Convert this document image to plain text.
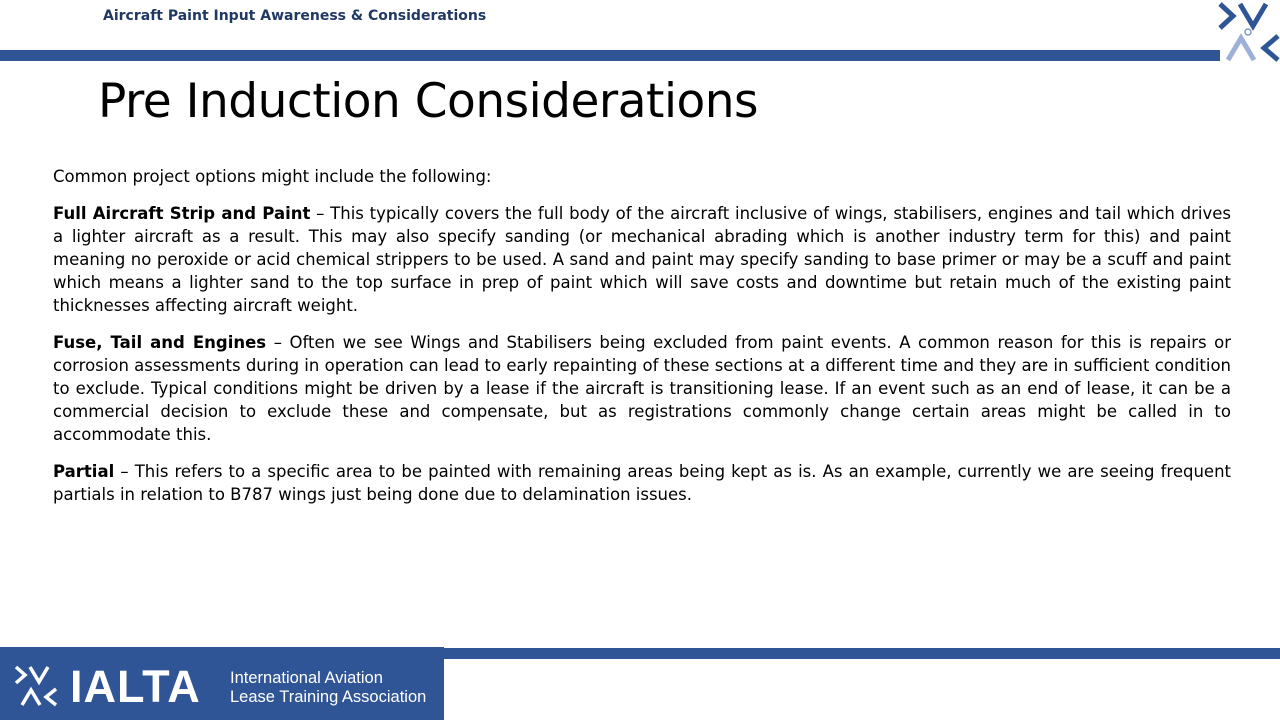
Aircraft Paint Input Awareness & Considerations
Pre Induction Considerations

Common project options might include the following:

Full Aircraft Strip and Paint – This typically covers the full body of the aircraft inclusive of wings, stabilisers, engines and tail which drives a lighter aircraft as a result. This may also specify sanding (or mechanical abrading which is another industry term for this) and paint meaning no peroxide or acid chemical strippers to be used. A sand and paint may specify sanding to base primer or may be a scuff and paint which means a lighter sand to the top surface in prep of paint which will save costs and downtime but retain much of the existing paint thicknesses affecting aircraft weight.

Fuse, Tail and Engines – Often we see Wings and Stabilisers being excluded from paint events. A common reason for this is repairs or corrosion assessments during in operation can lead to early repainting of these sections at a different time and they are in sufficient condition to exclude. Typical conditions might be driven by a lease if the aircraft is transitioning lease. If an event such as an end of lease, it can be a commercial decision to exclude these and compensate, but as registrations commonly change certain areas might be called in to accommodate this.

Partial – This refers to a specific area to be painted with remaining areas being kept as is. As an example, currently we are seeing frequent partials in relation to B787 wings just being done due to delamination issues.

IALTA International Aviation
Lease Training Association
